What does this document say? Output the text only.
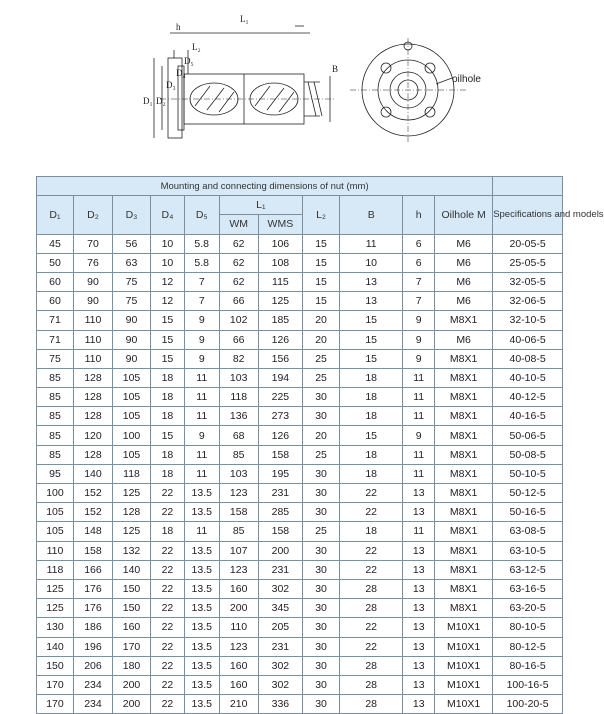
L₁
h
L₂
D₁ D₂
D₃
D₄
D₅
B
oilhole
Mounting and connecting dimensions of nut (mm)											
D₁	D₂	D₃	D₄	D₅	L₁		L₂	B	h	Oilhole M	Specifications and models
					WM	WMS					
45	70	56	10	5.8	62	106	15	11	6	M6	20-05-5
50	76	63	10	5.8	62	108	15	10	6	M6	25-05-5
60	90	75	12	7	62	115	15	13	7	M6	32-05-5
60	90	75	12	7	66	125	15	13	7	M6	32-06-5
71	110	90	15	9	102	185	20	15	9	M8X1	32-10-5
71	110	90	15	9	66	126	20	15	9	M6	40-06-5
75	110	90	15	9	82	156	25	15	9	M8X1	40-08-5
85	128	105	18	11	103	194	25	18	11	M8X1	40-10-5
85	128	105	18	11	118	225	30	18	11	M8X1	40-12-5
85	128	105	18	11	136	273	30	18	11	M8X1	40-16-5
85	120	100	15	9	68	126	20	15	9	M8X1	50-06-5
85	128	105	18	11	85	158	25	18	11	M8X1	50-08-5
95	140	118	18	11	103	195	30	18	11	M8X1	50-10-5
100	152	125	22	13.5	123	231	30	22	13	M8X1	50-12-5
105	152	128	22	13.5	158	285	30	22	13	M8X1	50-16-5
105	148	125	18	11	85	158	25	18	11	M8X1	63-08-5
110	158	132	22	13.5	107	200	30	22	13	M8X1	63-10-5
118	166	140	22	13.5	123	231	30	22	13	M8X1	63-12-5
125	176	150	22	13.5	160	302	30	28	13	M8X1	63-16-5
125	176	150	22	13.5	200	345	30	28	13	M8X1	63-20-5
130	186	160	22	13.5	110	205	30	22	13	M10X1	80-10-5
140	196	170	22	13.5	123	231	30	22	13	M10X1	80-12-5
150	206	180	22	13.5	160	302	30	28	13	M10X1	80-16-5
170	234	200	22	13.5	160	302	30	28	13	M10X1	100-16-5
170	234	200	22	13.5	210	336	30	28	13	M10X1	100-20-5
